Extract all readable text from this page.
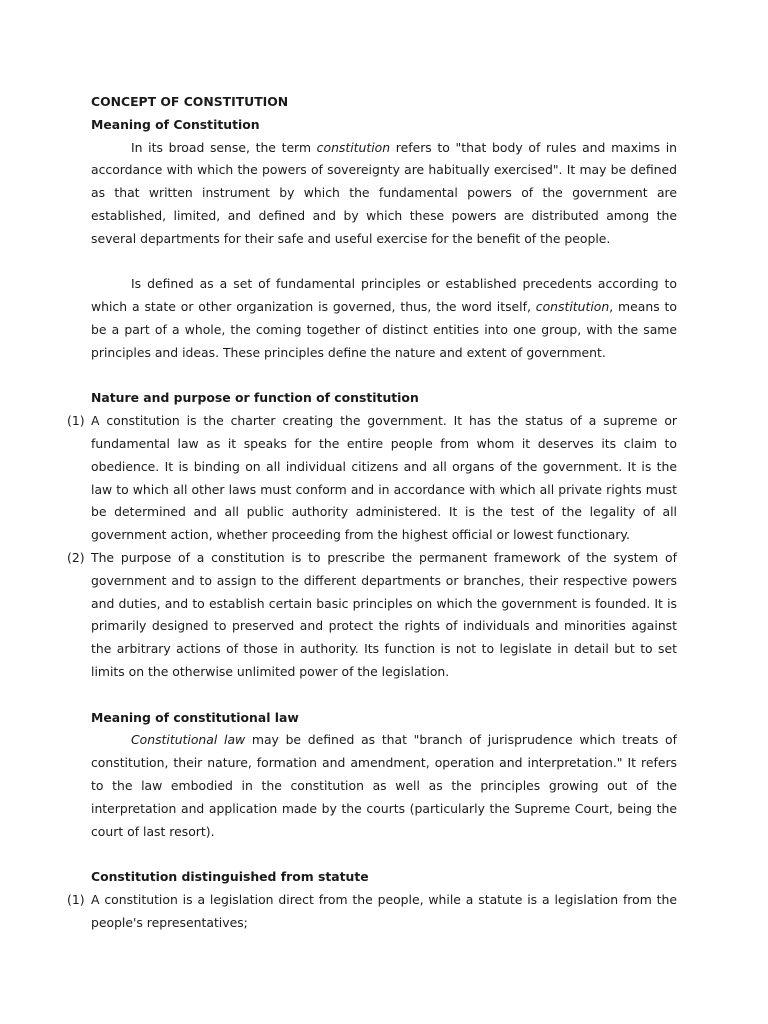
CONCEPT OF CONSTITUTION
Meaning of Constitution

In its broad sense, the term constitution refers to "that body of rules and maxims in accordance with which the powers of sovereignty are habitually exercised". It may be defined as that written instrument by which the fundamental powers of the government are established, limited, and defined and by which these powers are distributed among the several departments for their safe and useful exercise for the benefit of the people.

Is defined as a set of fundamental principles or established precedents according to which a state or other organization is governed, thus, the word itself, constitution, means to be a part of a whole, the coming together of distinct entities into one group, with the same principles and ideas. These principles define the nature and extent of government.

Nature and purpose or function of constitution

(1) A constitution is the charter creating the government. It has the status of a supreme or fundamental law as it speaks for the entire people from whom it deserves its claim to obedience. It is binding on all individual citizens and all organs of the government. It is the law to which all other laws must conform and in accordance with which all private rights must be determined and all public authority administered. It is the test of the legality of all government action, whether proceeding from the highest official or lowest functionary.

(2) The purpose of a constitution is to prescribe the permanent framework of the system of government and to assign to the different departments or branches, their respective powers and duties, and to establish certain basic principles on which the government is founded. It is primarily designed to preserved and protect the rights of individuals and minorities against the arbitrary actions of those in authority. Its function is not to legislate in detail but to set limits on the otherwise unlimited power of the legislation.

Meaning of constitutional law

Constitutional law may be defined as that "branch of jurisprudence which treats of constitution, their nature, formation and amendment, operation and interpretation." It refers to the law embodied in the constitution as well as the principles growing out of the interpretation and application made by the courts (particularly the Supreme Court, being the court of last resort).

Constitution distinguished from statute

(1) A constitution is a legislation direct from the people, while a statute is a legislation from the people's representatives;
